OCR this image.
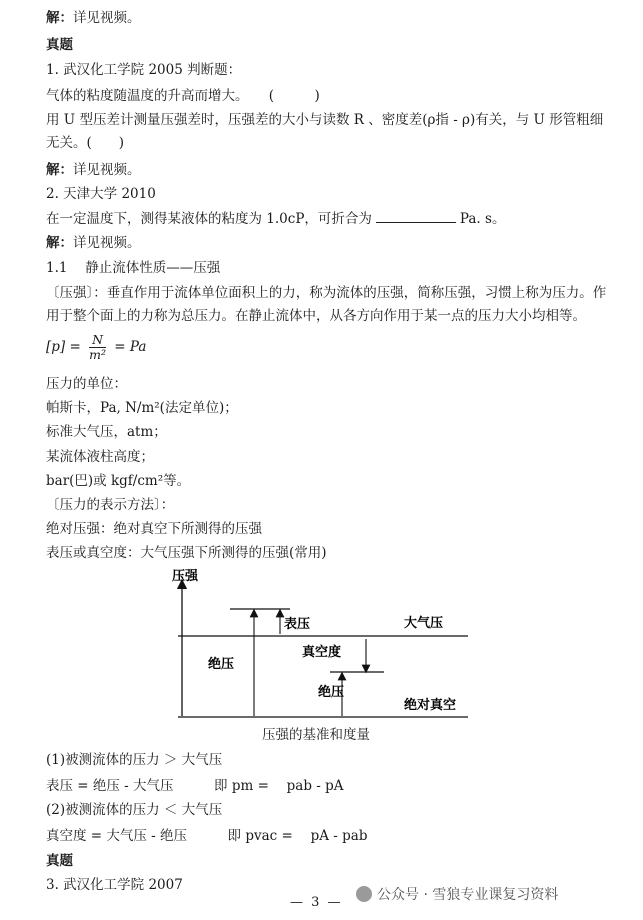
解：详见视频。
真题
1. 武汉化工学院 2005 判断题：
气体的粘度随温度的升高而增大。　　(　　　)
用 U 型压差计测量压强差时，压强差的大小与读数 R 、密度差(ρ指 - ρ)有关，与 U 形管粗细无关。(　　)
解：详见视频。
2. 天津大学 2010
在一定温度下，测得某液体的粘度为 1.0cP，可折合为	Pa. s。
解：详见视频。
1.1　 静止流体性质——压强
〔压强〕：垂直作用于流体单位面积上的力，称为流体的压强，简称压强，习惯上称为压力。作用于整个面上的力称为总压力。在静止流体中，从各方向作用于某一点的压力大小均相等。
$[p] = \frac{N}{\text{m²}} = Pa$
压力的单位：
帕斯卡，Pa, N/m²(法定单位)；
标准大气压，atm；
某流体液柱高度；
bar(巴)或 kgf/cm²等。
〔压力的表示方法〕：
绝对压强：绝对真空下所测得的压强
表压或真空度：大气压强下所测得的压强(常用)
压强
表压	大气压
真空度
绝压
绝压
绝对真空
压强的基准和度量
(1)被测流体的压力 ＞ 大气压
表压 = 绝压 - 大气压　　　即 pm = 　pab - pA
(2)被测流体的压力 ＜ 大气压
真空度 = 大气压 - 绝压　　　即 pvac = 　pA - pab
真题
3. 武汉化工学院 2007
— 3 — 公众号 · 雪狼专业课复习资料
